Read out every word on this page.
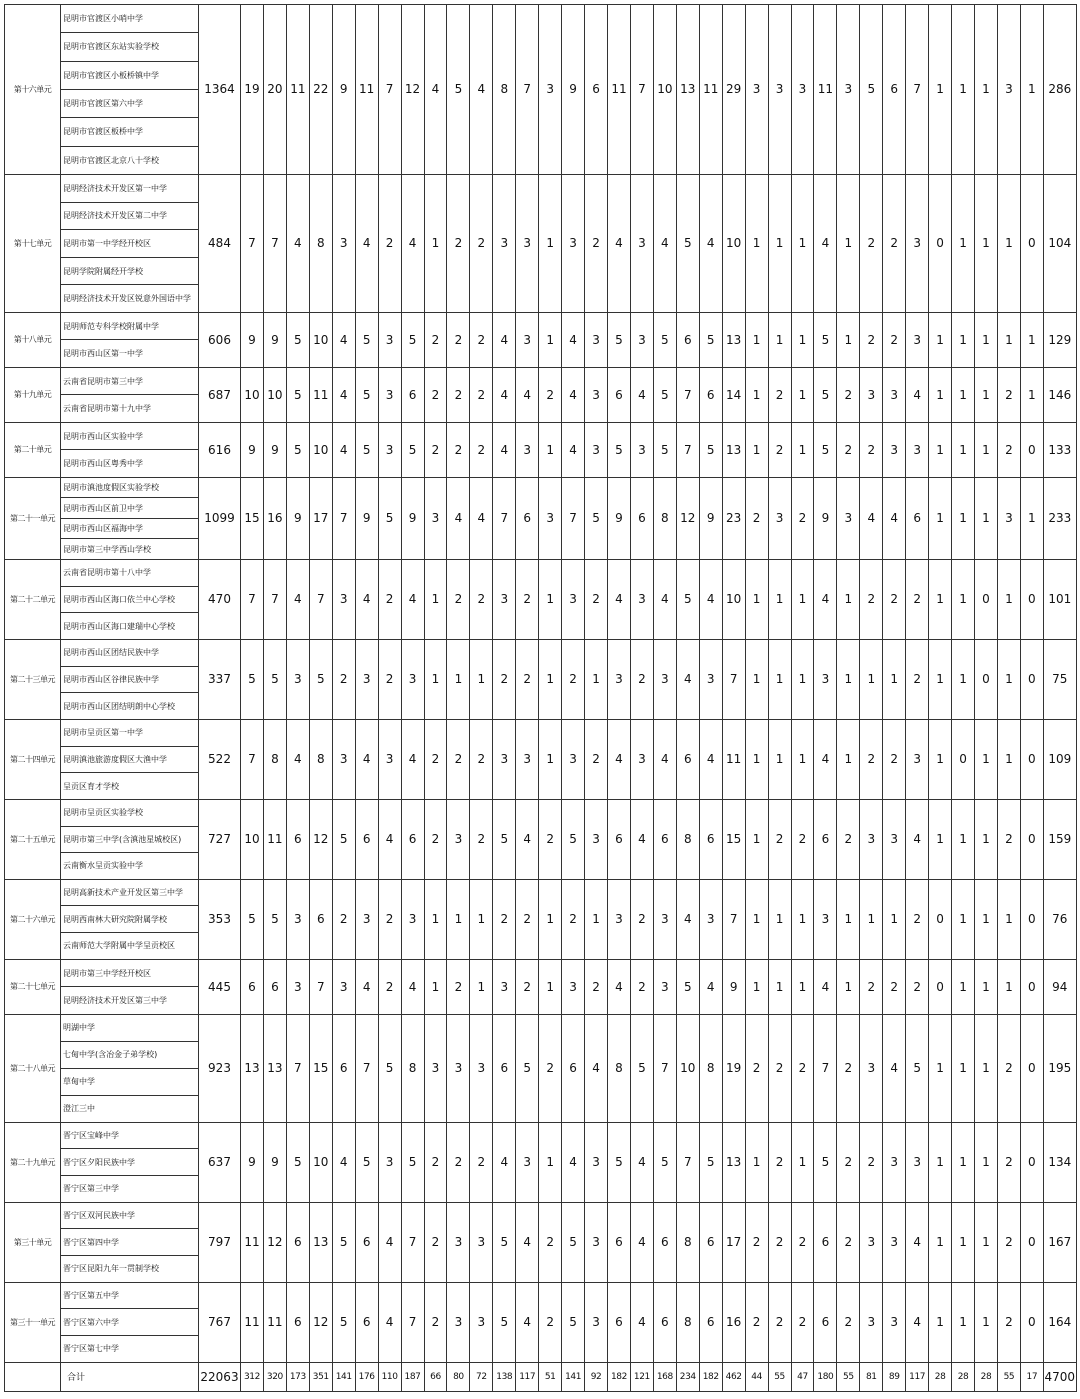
第十六单元	昆明市官渡区小哨中学	1364	19	20	11	22	9	11	7	12	4	5	4	8	7	3	9	6	11	7	10	13	11	29	3	3	3	11	3	5	6	7	1	1	1	3	1	286
	昆明市官渡区东站实验学校																																					
	昆明市官渡区小板桥镇中学																																					
	昆明市官渡区第六中学																																					
	昆明市官渡区板桥中学																																					
	昆明市官渡区北京八十学校																																					
第十七单元	昆明经济技术开发区第一中学	484	7	7	4	8	3	4	2	4	1	2	2	3	3	1	3	2	4	3	4	5	4	10	1	1	1	4	1	2	2	3	0	1	1	1	0	104
	昆明经济技术开发区第二中学																																					
	昆明市第一中学经开校区																																					
	昆明学院附属经开学校																																					
	昆明经济技术开发区锐意外国语中学																																					
第十八单元	昆明师范专科学校附属中学	606	9	9	5	10	4	5	3	5	2	2	2	4	3	1	4	3	5	3	5	6	5	13	1	1	1	5	1	2	2	3	1	1	1	1	1	129
	昆明市西山区第一中学																																					
第十九单元	云南省昆明市第三中学	687	10	10	5	11	4	5	3	6	2	2	2	4	4	2	4	3	6	4	5	7	6	14	1	2	1	5	2	3	3	4	1	1	1	2	1	146
	云南省昆明市第十九中学																																					
第二十单元	昆明市西山区实验中学	616	9	9	5	10	4	5	3	5	2	2	2	4	3	1	4	3	5	3	5	7	5	13	1	2	1	5	2	2	3	3	1	1	1	2	0	133
	昆明市西山区粤秀中学																																					
第二十一单元	昆明市滇池度假区实验学校	1099	15	16	9	17	7	9	5	9	3	4	4	7	6	3	7	5	9	6	8	12	9	23	2	3	2	9	3	4	4	6	1	1	1	3	1	233
	昆明市西山区前卫中学																																					
	昆明市西山区福海中学																																					
	昆明市第三中学西山学校																																					
第二十二单元	云南省昆明市第十八中学	470	7	7	4	7	3	4	2	4	1	2	2	3	2	1	3	2	4	3	4	5	4	10	1	1	1	4	1	2	2	2	1	1	0	1	0	101
	昆明市西山区海口依兰中心学校																																					
	昆明市西山区海口建瑞中心学校																																					
第二十三单元	昆明市西山区团结民族中学	337	5	5	3	5	2	3	2	3	1	1	1	2	2	1	2	1	3	2	3	4	3	7	1	1	1	3	1	1	1	2	1	1	0	1	0	75
	昆明市西山区谷律民族中学																																					
	昆明市西山区团结明朗中心学校																																					
第二十四单元	昆明市呈贡区第一中学	522	7	8	4	8	3	4	3	4	2	2	2	3	3	1	3	2	4	3	4	6	4	11	1	1	1	4	1	2	2	3	1	0	1	1	0	109
	昆明滇池旅游度假区大渔中学																																					
	呈贡区育才学校																																					
第二十五单元	昆明市呈贡区实验学校	727	10	11	6	12	5	6	4	6	2	3	2	5	4	2	5	3	6	4	6	8	6	15	1	2	2	6	2	3	3	4	1	1	1	2	0	159
	昆明市第三中学(含滇池星城校区)																																					
	云南衡水呈贡实验中学																																					
第二十六单元	昆明高新技术产业开发区第三中学	353	5	5	3	6	2	3	2	3	1	1	1	2	2	1	2	1	3	2	3	4	3	7	1	1	1	3	1	1	1	2	0	1	1	1	0	76
	昆明西南林大研究院附属学校																																					
	云南师范大学附属中学呈贡校区																																					
第二十七单元	昆明市第三中学经开校区	445	6	6	3	7	3	4	2	4	1	2	1	3	2	1	3	2	4	2	3	5	4	9	1	1	1	4	1	2	2	2	0	1	1	1	0	94
	昆明经济技术开发区第三中学																																					
第二十八单元	明湖中学	923	13	13	7	15	6	7	5	8	3	3	3	6	5	2	6	4	8	5	7	10	8	19	2	2	2	7	2	3	4	5	1	1	1	2	0	195
	七甸中学(含冶金子弟学校)																																					
	草甸中学																																					
	澄江三中																																					
第二十九单元	晋宁区宝峰中学	637	9	9	5	10	4	5	3	5	2	2	2	4	3	1	4	3	5	4	5	7	5	13	1	2	1	5	2	2	3	3	1	1	1	2	0	134
	晋宁区夕阳民族中学																																					
	晋宁区第三中学																																					
第三十单元	晋宁区双河民族中学	797	11	12	6	13	5	6	4	7	2	3	3	5	4	2	5	3	6	4	6	8	6	17	2	2	2	6	2	3	3	4	1	1	1	2	0	167
	晋宁区第四中学																																					
	晋宁区昆阳九年一贯制学校																																					
第三十一单元	晋宁区第五中学	767	11	11	6	12	5	6	4	7	2	3	3	5	4	2	5	3	6	4	6	8	6	16	2	2	2	6	2	3	3	4	1	1	1	2	0	164
	晋宁区第六中学																																					
	晋宁区第七中学																																					
	合计	22063	312	320	173	351	141	176	110	187	66	80	72	138	117	51	141	92	182	121	168	234	182	462	44	55	47	180	55	81	89	117	28	28	28	55	17	4700
